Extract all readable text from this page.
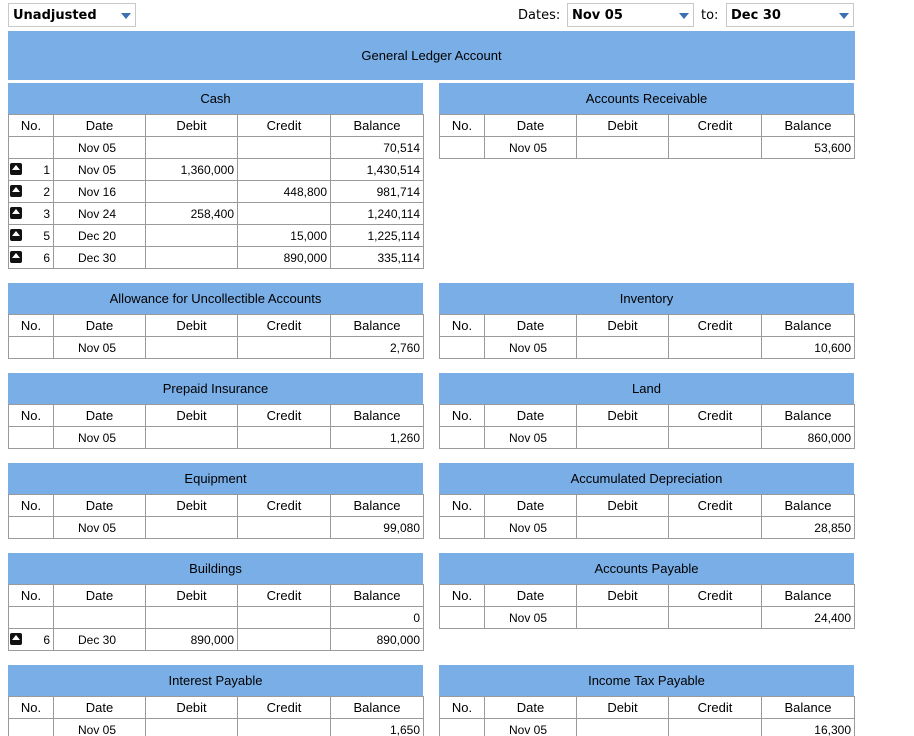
Unadjusted	Dates: Nov 05	to: Dec 30
General Ledger Account
Cash
No.	Date	Debit	Credit	Balance
	Nov 05			70,514

1	Nov 05	1,360,000		1,430,514

2	Nov 16		448,800	981,714

3	Nov 24	258,400		1,240,114

5	Dec 20		15,000	1,225,114

6	Dec 30		890,000	335,114
Accounts Receivable
No.	Date	Debit	Credit	Balance
	Nov 05			53,600
Allowance for Uncollectible Accounts
No.	Date	Debit	Credit	Balance
	Nov 05			2,760
Inventory
No.	Date	Debit	Credit	Balance
	Nov 05			10,600
Prepaid Insurance
No.	Date	Debit	Credit	Balance
	Nov 05			1,260
Land
No.	Date	Debit	Credit	Balance
	Nov 05			860,000
Equipment
No.	Date	Debit	Credit	Balance
	Nov 05			99,080
Accumulated Depreciation
No.	Date	Debit	Credit	Balance
	Nov 05			28,850
Buildings
No.	Date	Debit	Credit	Balance
				0

6	Dec 30	890,000		890,000
Accounts Payable
No.	Date	Debit	Credit	Balance
	Nov 05			24,400
Interest Payable
No.	Date	Debit	Credit	Balance
	Nov 05			1,650
Income Tax Payable
No.	Date	Debit	Credit	Balance
	Nov 05			16,300
